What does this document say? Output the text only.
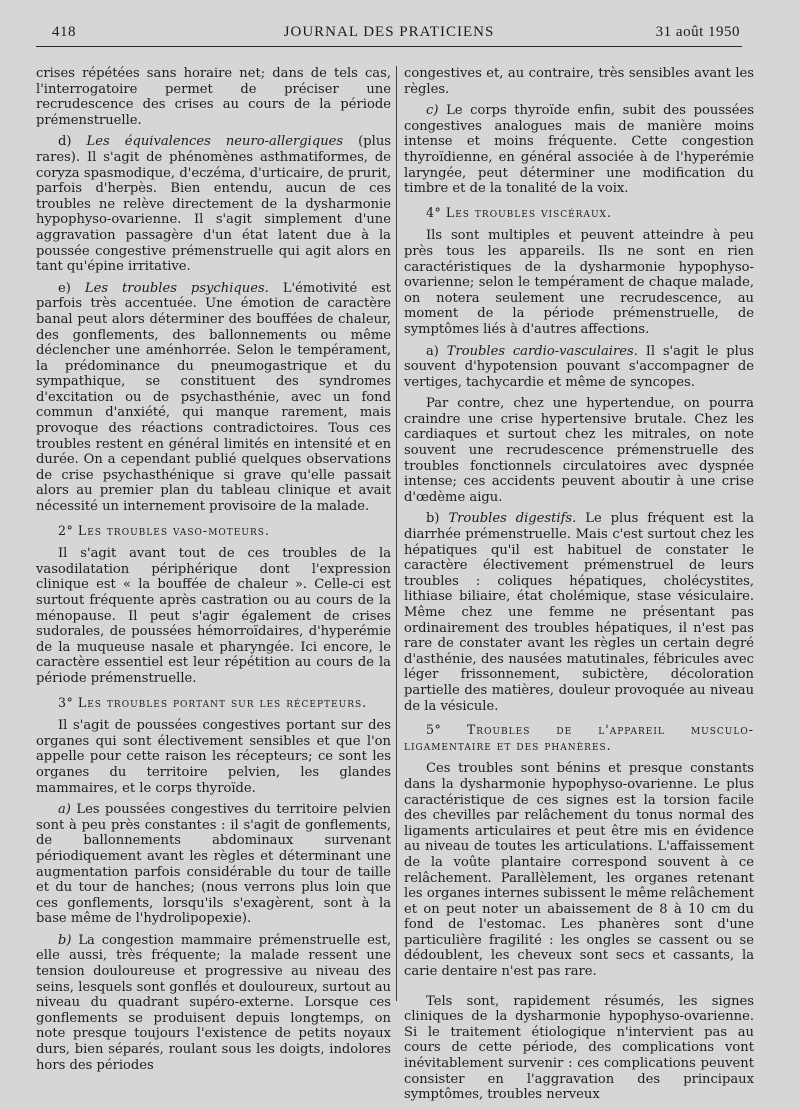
418	JOURNAL DES PRATICIENS	31 août 1950

crises répétées sans horaire net; dans de tels cas, l'interrogatoire permet de préciser une recrudescence des crises au cours de la période prémenstruelle.

d) Les équivalences neuro-allergiques (plus rares). Il s'agit de phénomènes asthmatiformes, de coryza spasmodique, d'eczéma, d'urticaire, de prurit, parfois d'herpès. Bien entendu, aucun de ces troubles ne relève directement de la dysharmonie hypophyso-ovarienne. Il s'agit simplement d'une aggravation passagère d'un état latent due à la poussée congestive prémenstruelle qui agit alors en tant qu'épine irritative.

e) Les troubles psychiques. L'émotivité est parfois très accentuée. Une émotion de caractère banal peut alors déterminer des bouffées de chaleur, des gonflements, des ballonnements ou même déclencher une aménhorrée. Selon le tempérament, la prédominance du pneumogastrique et du sympathique, se constituent des syndromes d'excitation ou de psychasthénie, avec un fond commun d'anxiété, qui manque rarement, mais provoque des réactions contradictoires. Tous ces troubles restent en général limités en intensité et en durée. On a cependant publié quelques observations de crise psychasthénique si grave qu'elle passait alors au premier plan du tableau clinique et avait nécessité un internement provisoire de la malade.

2° Les troubles vaso-moteurs.

Il s'agit avant tout de ces troubles de la vasodilatation périphérique dont l'expression clinique est « la bouffée de chaleur ». Celle-ci est surtout fréquente après castration ou au cours de la ménopause. Il peut s'agir également de crises sudorales, de poussées hémorroïdaires, d'hyperémie de la muqueuse nasale et pharyngée. Ici encore, le caractère essentiel est leur répétition au cours de la période prémenstruelle.

3° Les troubles portant sur les récepteurs.

Il s'agit de poussées congestives portant sur des organes qui sont électivement sensibles et que l'on appelle pour cette raison les récepteurs; ce sont les organes du territoire pelvien, les glandes mammaires, et le corps thyroïde.

a) Les poussées congestives du territoire pelvien sont à peu près constantes : il s'agit de gonflements, de ballonnements abdominaux survenant périodiquement avant les règles et déterminant une augmentation parfois considérable du tour de taille et du tour de hanches; (nous verrons plus loin que ces gonflements, lorsqu'ils s'exagèrent, sont à la base même de l'hydrolipopexie).

b) La congestion mammaire prémenstruelle est, elle aussi, très fréquente; la malade ressent une tension douloureuse et progressive au niveau des seins, lesquels sont gonflés et douloureux, surtout au niveau du quadrant supéro-externe. Lorsque ces gonflements se produisent depuis longtemps, on note presque toujours l'existence de petits noyaux durs, bien séparés, roulant sous les doigts, indolores hors des périodes

congestives et, au contraire, très sensibles avant les règles.

c) Le corps thyroïde enfin, subit des poussées congestives analogues mais de manière moins intense et moins fréquente. Cette congestion thyroïdienne, en général associée à de l'hyperémie laryngée, peut déterminer une modification du timbre et de la tonalité de la voix.

4° Les troubles viscéraux.

Ils sont multiples et peuvent atteindre à peu près tous les appareils. Ils ne sont en rien caractéristiques de la dysharmonie hypophyso-ovarienne; selon le tempérament de chaque malade, on notera seulement une recrudescence, au moment de la période prémenstruelle, de symptômes liés à d'autres affections.

a) Troubles cardio-vasculaires. Il s'agit le plus souvent d'hypotension pouvant s'accompagner de vertiges, tachycardie et même de syncopes.

Par contre, chez une hypertendue, on pourra craindre une crise hypertensive brutale. Chez les cardiaques et surtout chez les mitrales, on note souvent une recrudescence prémenstruelle des troubles fonctionnels circulatoires avec dyspnée intense; ces accidents peuvent aboutir à une crise d'œdème aigu.

b) Troubles digestifs. Le plus fréquent est la diarrhée prémenstruelle. Mais c'est surtout chez les hépatiques qu'il est habituel de constater le caractère électivement prémenstruel de leurs troubles : coliques hépatiques, cholécystites, lithiase biliaire, état cholémique, stase vésiculaire. Même chez une femme ne présentant pas ordinairement des troubles hépatiques, il n'est pas rare de constater avant les règles un certain degré d'asthénie, des nausées matutinales, fébricules avec léger frissonnement, subictère, décoloration partielle des matières, douleur provoquée au niveau de la vésicule.

5° Troubles de l'appareil musculo-ligamentaire et des phanères.

Ces troubles sont bénins et presque constants dans la dysharmonie hypophyso-ovarienne. Le plus caractéristique de ces signes est la torsion facile des chevilles par relâchement du tonus normal des ligaments articulaires et peut être mis en évidence au niveau de toutes les articulations. L'affaissement de la voûte plantaire correspond souvent à ce relâchement. Parallèlement, les organes retenant les organes internes subissent le même relâchement et on peut noter un abaissement de 8 à 10 cm du fond de l'estomac. Les phanères sont d'une particulière fragilité : les ongles se cassent ou se dédoublent, les cheveux sont secs et cassants, la carie dentaire n'est pas rare.

Tels sont, rapidement résumés, les signes cliniques de la dysharmonie hypophyso-ovarienne. Si le traitement étiologique n'intervient pas au cours de cette période, des complications vont inévitablement survenir : ces complications peuvent consister en l'aggravation des principaux symptômes, troubles nerveux
